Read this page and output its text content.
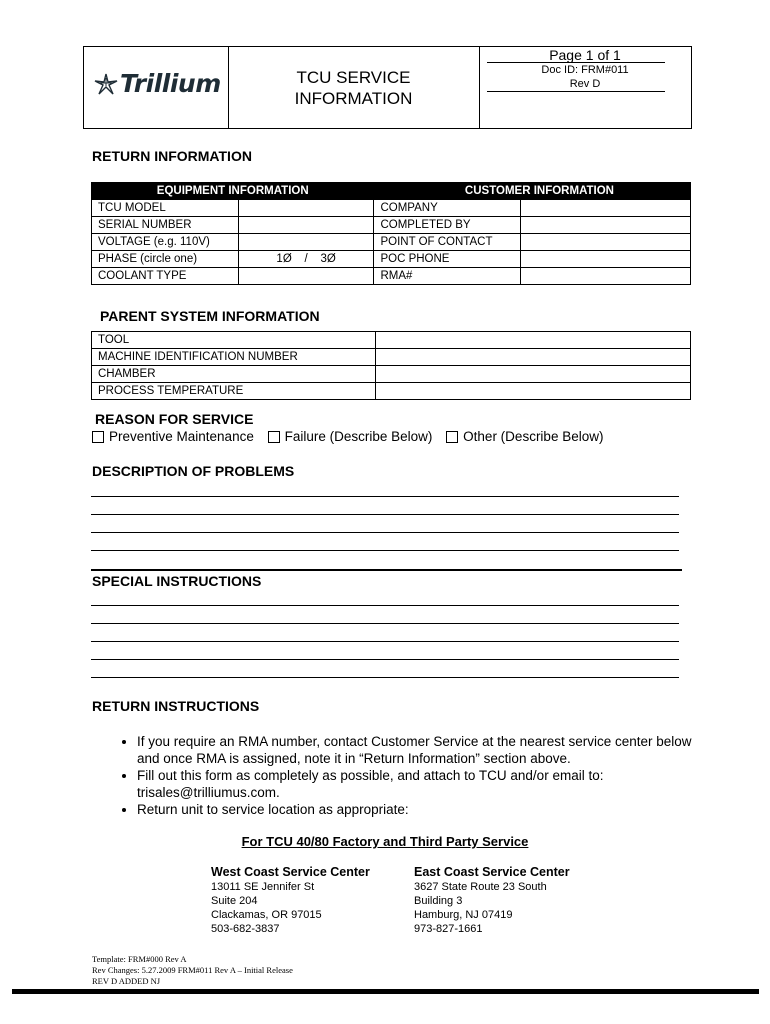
Trillium	TCU SERVICE
INFORMATION
Page 1 of 1
Doc ID: FRM#011
Rev D
RETURN INFORMATION
EQUIPMENT INFORMATION		CUSTOMER INFORMATION	
TCU MODEL		COMPANY	
SERIAL NUMBER		COMPLETED BY	
VOLTAGE (e.g. 110V)		POINT OF CONTACT	
PHASE (circle one)	1Ø    /    3Ø	POC PHONE	
COOLANT TYPE		RMA#	
PARENT SYSTEM INFORMATION
TOOL	
MACHINE IDENTIFICATION NUMBER	
CHAMBER	
PROCESS TEMPERATURE	
REASON FOR SERVICE
Preventive Maintenance Failure (Describe Below) Other (Describe Below)
DESCRIPTION OF PROBLEMS
SPECIAL INSTRUCTIONS
RETURN INSTRUCTIONS
• If you require an RMA number, contact Customer Service at the nearest service center below and once RMA is assigned, note it in “Return Information” section above.
• Fill out this form as completely as possible, and attach to TCU and/or email to: trisales@trilliumus.com.
• Return unit to service location as appropriate:
For TCU 40/80 Factory and Third Party Service
West Coast Service Center
13011 SE Jennifer St
Suite 204
Clackamas, OR 97015
503-682-3837
East Coast Service Center
3627 State Route 23 South
Building 3
Hamburg, NJ 07419
973-827-1661
Template: FRM#000 Rev A
Rev Changes: 5.27.2009 FRM#011 Rev A – Initial Release
REV D ADDED NJ
